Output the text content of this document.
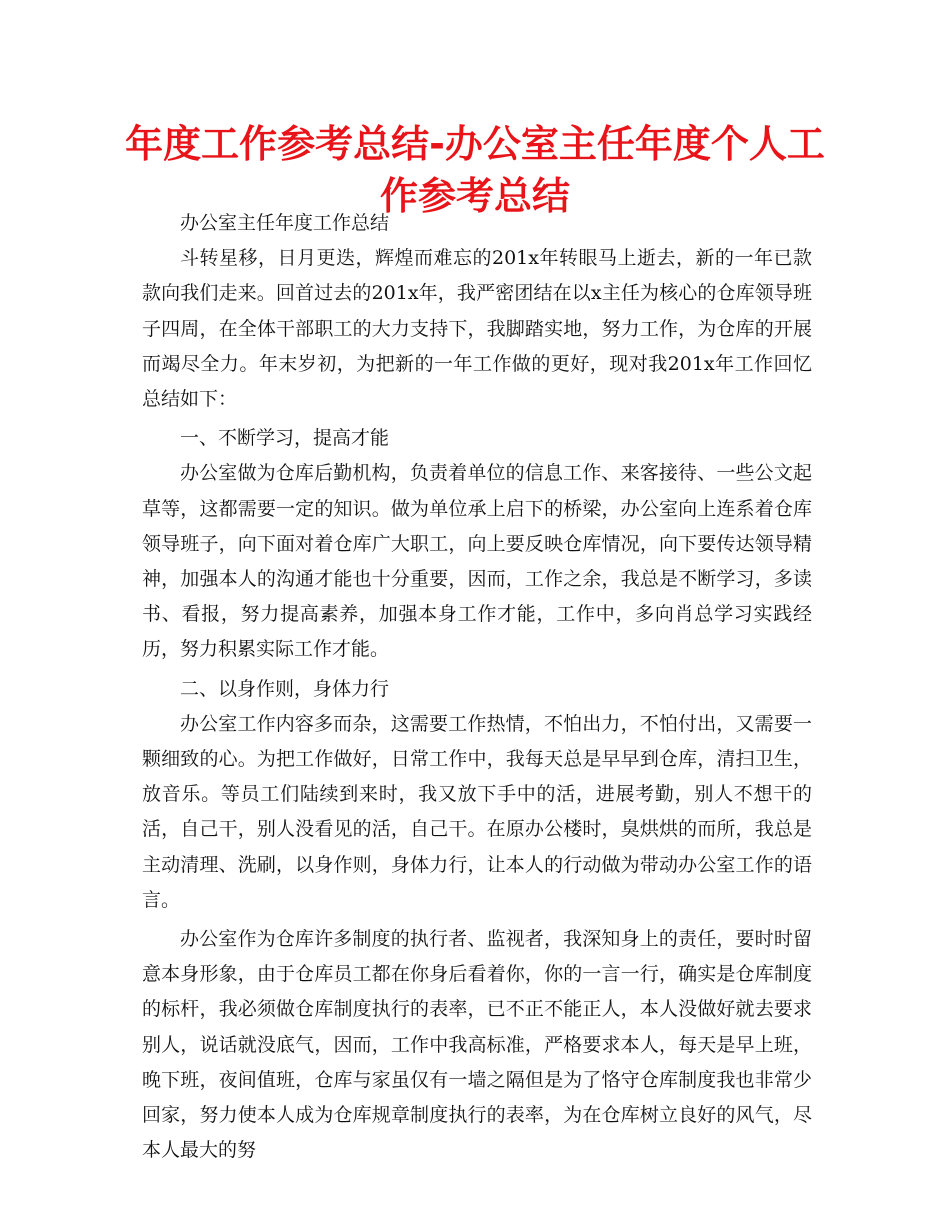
年度工作参考总结-办公室主任年度个人工作参考总结

办公室主任年度工作总结

斗转星移，日月更迭，辉煌而难忘的201x年转眼马上逝去，新的一年已款款向我们走来。回首过去的201x年，我严密团结在以x主任为核心的仓库领导班子四周，在全体干部职工的大力支持下，我脚踏实地，努力工作，为仓库的开展而竭尽全力。年末岁初，为把新的一年工作做的更好，现对我201x年工作回忆总结如下：

一、不断学习，提高才能

办公室做为仓库后勤机构，负责着单位的信息工作、来客接待、一些公文起草等，这都需要一定的知识。做为单位承上启下的桥梁，办公室向上连系着仓库领导班子，向下面对着仓库广大职工，向上要反映仓库情况，向下要传达领导精神，加强本人的沟通才能也十分重要，因而，工作之余，我总是不断学习，多读书、看报，努力提高素养，加强本身工作才能，工作中，多向肖总学习实践经历，努力积累实际工作才能。

二、以身作则，身体力行

办公室工作内容多而杂，这需要工作热情，不怕出力，不怕付出，又需要一颗细致的心。为把工作做好，日常工作中，我每天总是早早到仓库，清扫卫生，放音乐。等员工们陆续到来时，我又放下手中的活，进展考勤，别人不想干的活，自己干，别人没看见的活，自己干。在原办公楼时，臭烘烘的而所，我总是主动清理、洗刷，以身作则，身体力行，让本人的行动做为带动办公室工作的语言。

办公室作为仓库许多制度的执行者、监视者，我深知身上的责任，要时时留意本身形象，由于仓库员工都在你身后看着你，你的一言一行，确实是仓库制度的标杆，我必须做仓库制度执行的表率，已不正不能正人，本人没做好就去要求别人，说话就没底气，因而，工作中我高标准，严格要求本人，每天是早上班，晚下班，夜间值班，仓库与家虽仅有一墙之隔但是为了恪守仓库制度我也非常少回家，努力使本人成为仓库规章制度执行的表率，为在仓库树立良好的风气，尽本人最大的努
